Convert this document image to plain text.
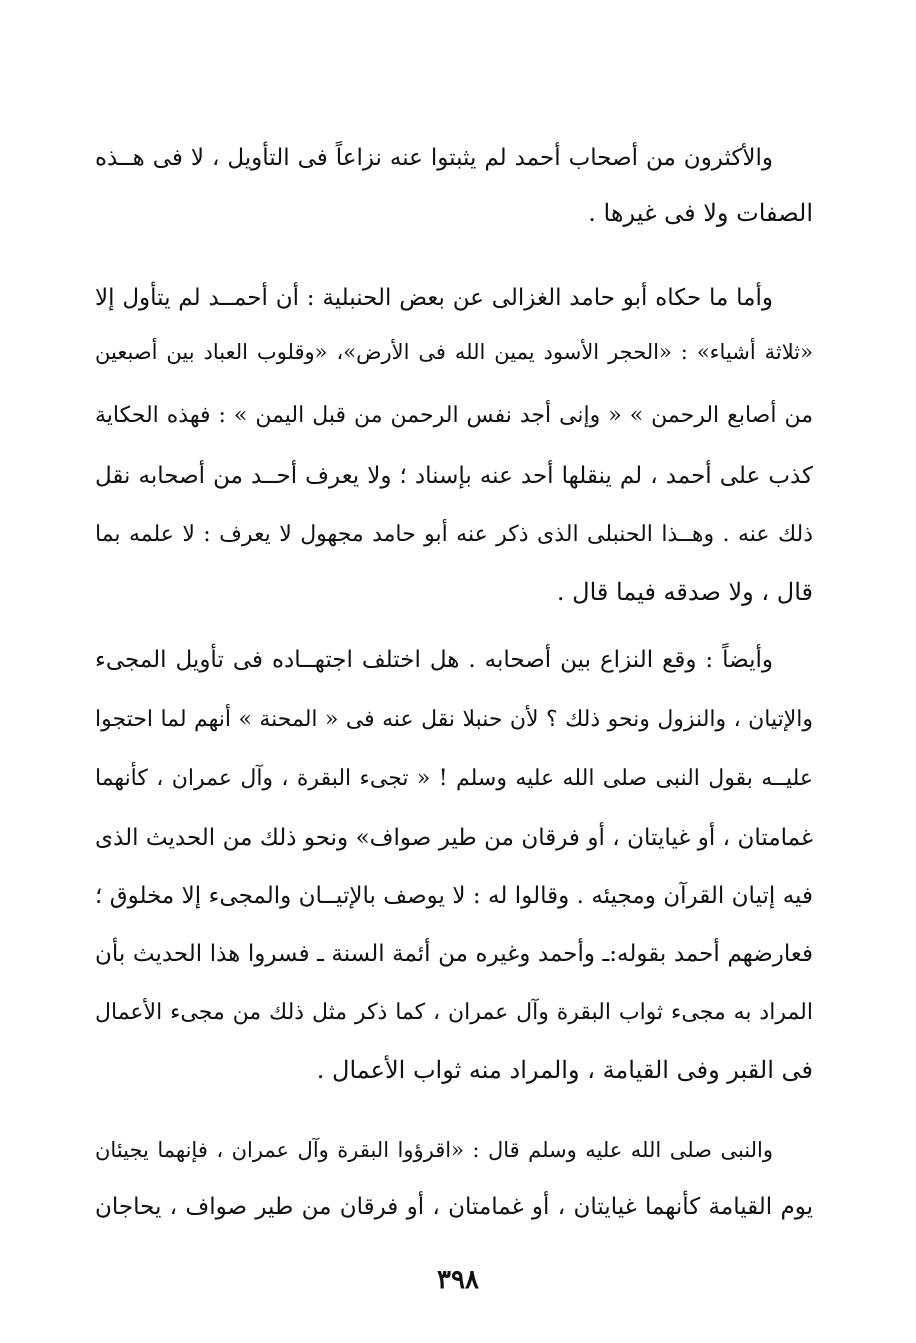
والأكثرون من أصحاب أحمد لم يثبتوا عنه نزاعاً فى التأويل ، لا فى هــذه
الصفات ولا فى غيرها .
وأما ما حكاه أبو حامد الغزالى عن بعض الحنبلية : أن أحمــد لم يتأول إلا
«ثلاثة أشياء» : «الحجر الأسود يمين الله فى الأرض»، «وقلوب العباد بين أصبعين
من أصابع الرحمن » « وإنى أجد نفس الرحمن من قبل اليمن » : فهذه الحكاية
كذب على أحمد ، لم ينقلها أحد عنه بإسناد ؛ ولا يعرف أحــد من أصحابه نقل
ذلك عنه . وهــذا الحنبلى الذى ذكر عنه أبو حامد مجهول لا يعرف : لا علمه بما
قال ، ولا صدقه فيما قال .
وأيضاً : وقع النزاع بين أصحابه . هل اختلف اجتهــاده فى تأويل المجىء
والإتيان ، والنزول ونحو ذلك ؟ لأن حنبلا نقل عنه فى « المحنة » أنهم لما احتجوا
عليــه بقول النبى صلى الله عليه وسلم ! « تجىء البقرة ، وآل عمران ، كأنهما
غمامتان ، أو غيايتان ، أو فرقان من طير صواف» ونحو ذلك من الحديث الذى
فيه إتيان القرآن ومجيئه . وقالوا له : لا يوصف بالإتيــان والمجىء إلا مخلوق ؛
فعارضهم أحمد بقوله:ـ وأحمد وغيره من أئمة السنة ـ فسروا هذا الحديث بأن
المراد به مجىء ثواب البقرة وآل عمران ، كما ذكر مثل ذلك من مجىء الأعمال
فى القبر وفى القيامة ، والمراد منه ثواب الأعمال .
والنبى صلى الله عليه وسلم قال : «اقرؤوا البقرة وآل عمران ، فإنهما يجيئان
يوم القيامة كأنهما غيايتان ، أو غمامتان ، أو فرقان من طير صواف ، يحاجان
٣٩٨
